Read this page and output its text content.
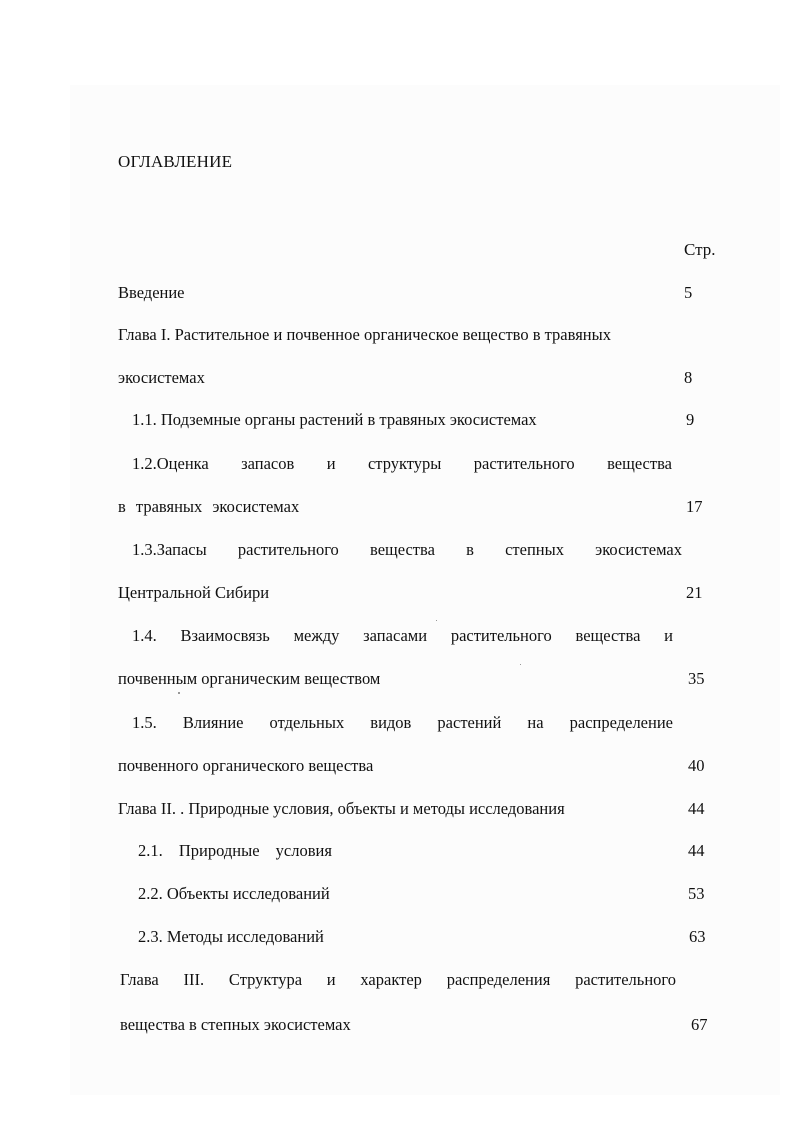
ОГЛАВЛЕНИЕ
Стр.
Введение	5
Глава I. Растительное и почвенное органическое вещество в травяных
экосистемах	8
1.1. Подземные органы растений в травяных экосистемах	9
1.2.Оценка запасов и структуры растительного вещества
в травяных экосистемах	17
1.3.Запасы растительного вещества в степных экосистемах
Центральной Сибири	21
1.4. Взаимосвязь между запасами растительного вещества и
почвенным органическим веществом	35
1.5. Влияние отдельных видов растений на распределение
почвенного органического вещества	40
Глава II. . Природные условия, объекты и методы исследования	44
2.1. Природные условия	44
2.2. Объекты исследований	53
2.3. Методы исследований	63
Глава III. Структура и характер распределения растительного
вещества в степных экосистемах	67
